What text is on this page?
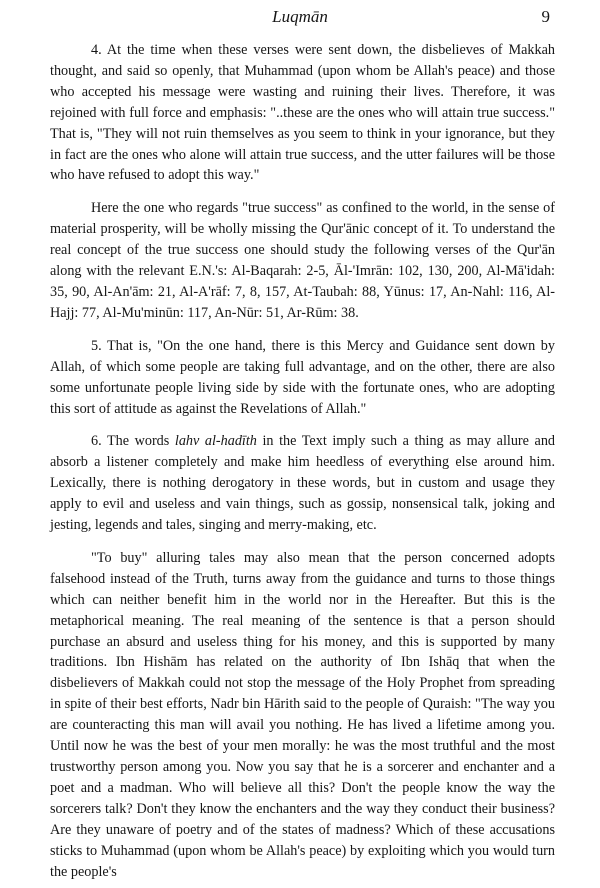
Luqmān	9

4. At the time when these verses were sent down, the disbelieves of Makkah thought, and said so openly, that Muhammad (upon whom be Allah's peace) and those who accepted his message were wasting and ruining their lives. Therefore, it was rejoined with full force and emphasis: "..these are the ones who will attain true success." That is, "They will not ruin themselves as you seem to think in your ignorance, but they in fact are the ones who alone will attain true success, and the utter failures will be those who have refused to adopt this way."

Here the one who regards "true success" as confined to the world, in the sense of material prosperity, will be wholly missing the Qur'ānic concept of it. To understand the real concept of the true success one should study the following verses of the Qur'ān along with the relevant E.N.'s: Al-Baqarah: 2-5, Āl-'Imrān: 102, 130, 200, Al-Mā'idah: 35, 90, Al-An'ām: 21, Al-A'rāf: 7, 8, 157, At-Taubah: 88, Yūnus: 17, An-Nahl: 116, Al-Hajj: 77, Al-Mu'minūn: 117, An-Nūr: 51, Ar-Rūm: 38.

5. That is, "On the one hand, there is this Mercy and Guidance sent down by Allah, of which some people are taking full advantage, and on the other, there are also some unfortunate people living side by side with the fortunate ones, who are adopting this sort of attitude as against the Revelations of Allah."

6. The words lahv al-hadīth in the Text imply such a thing as may allure and absorb a listener completely and make him heedless of everything else around him. Lexically, there is nothing derogatory in these words, but in custom and usage they apply to evil and useless and vain things, such as gossip, nonsensical talk, joking and jesting, legends and tales, singing and merry-making, etc.

"To buy" alluring tales may also mean that the person concerned adopts falsehood instead of the Truth, turns away from the guidance and turns to those things which can neither benefit him in the world nor in the Hereafter. But this is the metaphorical meaning. The real meaning of the sentence is that a person should purchase an absurd and useless thing for his money, and this is supported by many traditions. Ibn Hishām has related on the authority of Ibn Ishāq that when the disbelievers of Makkah could not stop the message of the Holy Prophet from spreading in spite of their best efforts, Nadr bin Hārith said to the people of Quraish: "The way you are counteracting this man will avail you nothing. He has lived a lifetime among you. Until now he was the best of your men morally: he was the most truthful and the most trustworthy person among you. Now you say that he is a sorcerer and enchanter and a poet and a madman. Who will believe all this? Don't the people know the way the sorcerers talk? Don't they know the enchanters and the way they conduct their business? Are they unaware of poetry and of the states of madness? Which of these accusations sticks to Muhammad (upon whom be Allah's peace) by exploiting which you would turn the people's
